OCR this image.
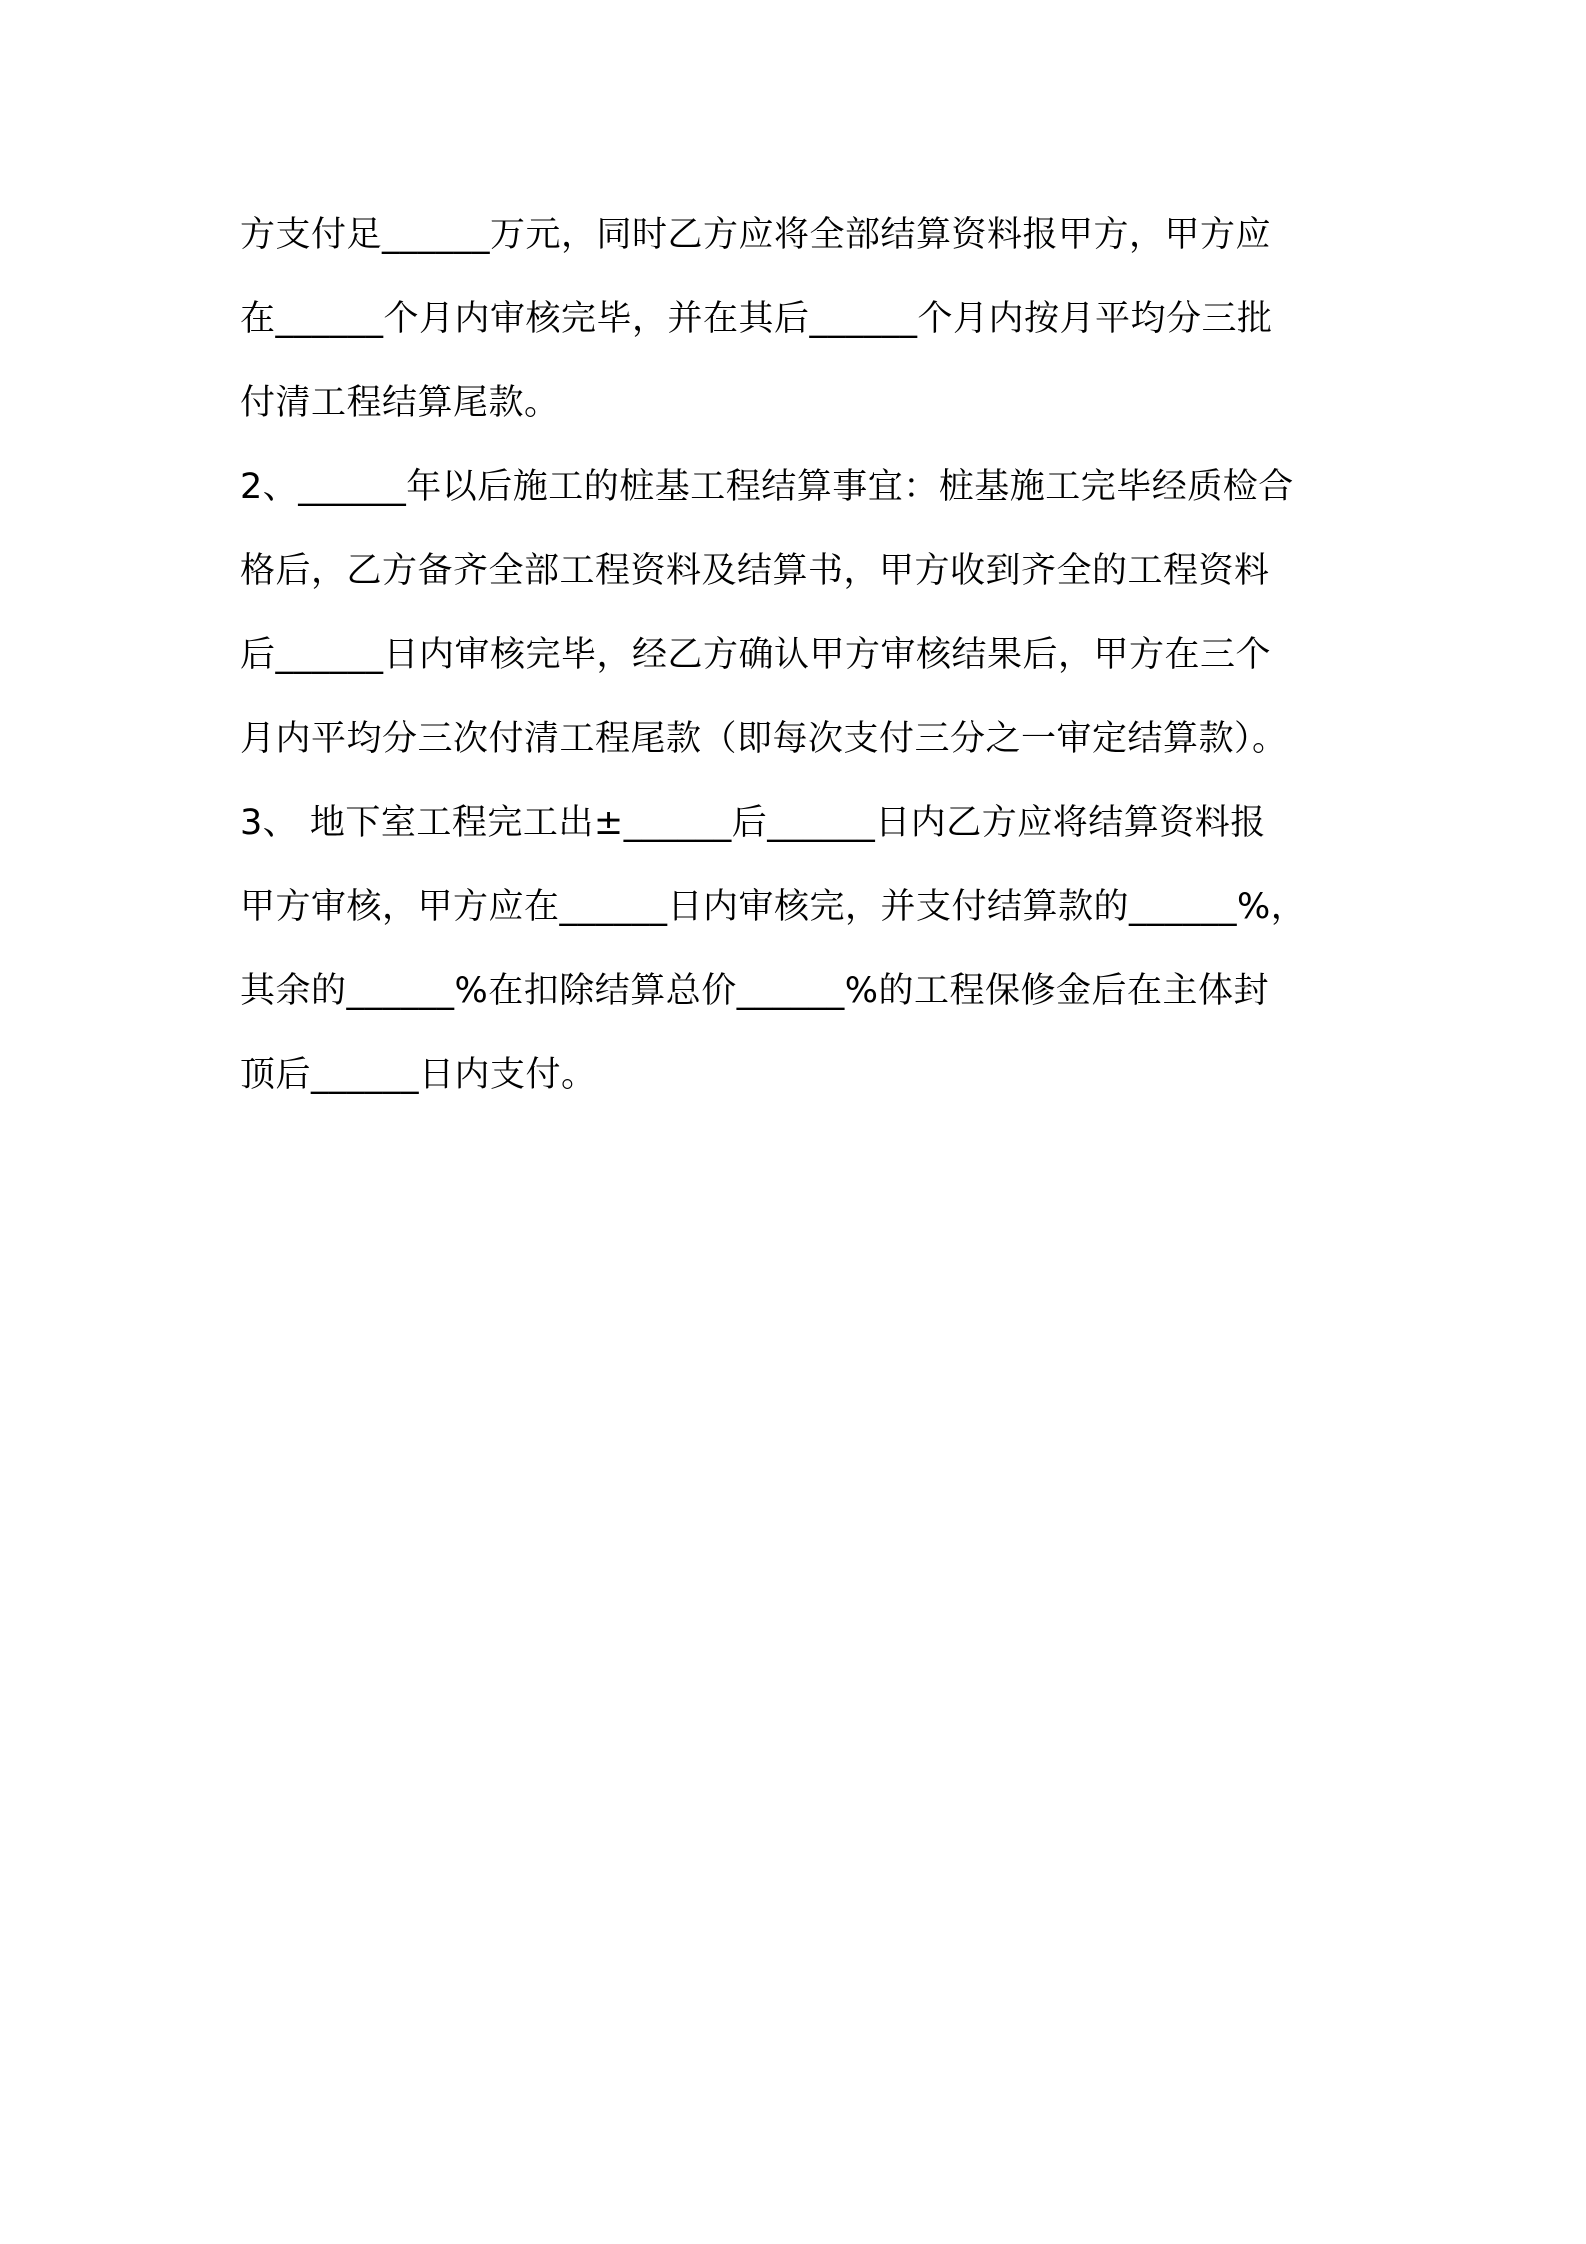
方支付足______万元，同时乙方应将全部结算资料报甲方，甲方应
在______个月内审核完毕，并在其后______个月内按月平均分三批
付清工程结算尾款。
2、______年以后施工的桩基工程结算事宜：桩基施工完毕经质检合
格后，乙方备齐全部工程资料及结算书，甲方收到齐全的工程资料
后______日内审核完毕，经乙方确认甲方审核结果后，甲方在三个
月内平均分三次付清工程尾款（即每次支付三分之一审定结算款）。
3、 地下室工程完工出±______后______日内乙方应将结算资料报
甲方审核，甲方应在______日内审核完，并支付结算款的______%，
其余的______%在扣除结算总价______%的工程保修金后在主体封
顶后______日内支付。
